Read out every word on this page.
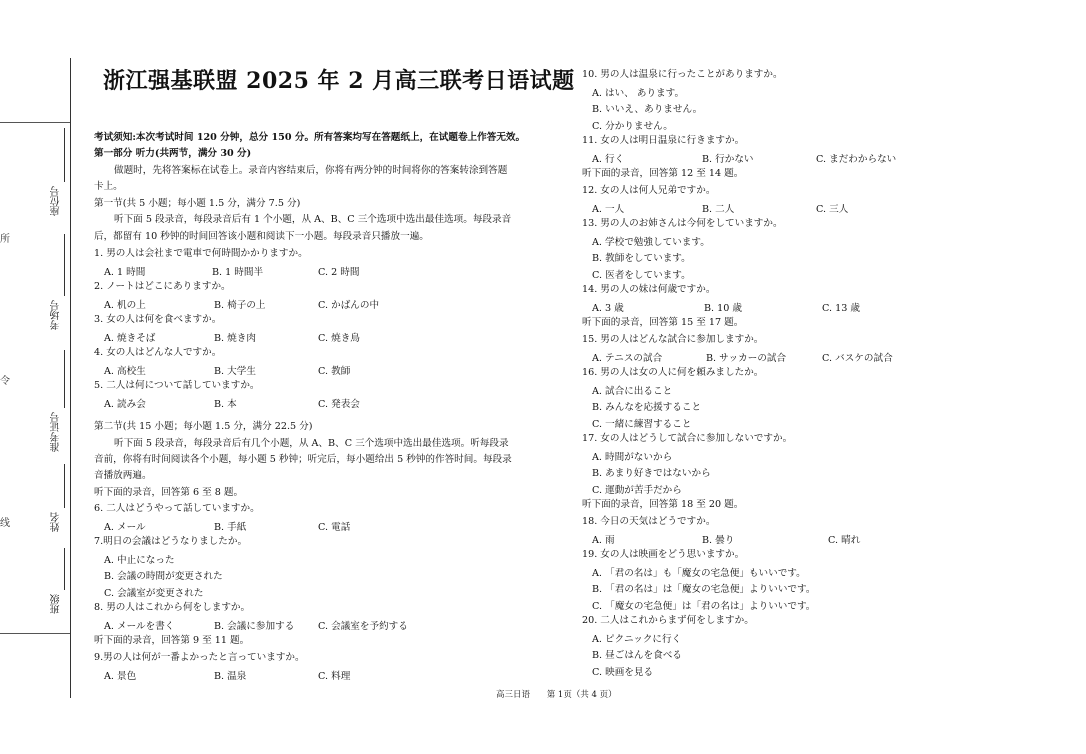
所
令
线
座位号
考场号
准考证号
姓名
班级
浙江强基联盟 2025 年 2 月高三联考日语试题
考试须知:本次考试时间 120 分钟，总分 150 分。所有答案均写在答题纸上，在试题卷上作答无效。
第一部分 听力(共两节，满分 30 分)
做题时，先将答案标在试卷上。录音内容结束后，你将有两分钟的时间将你的答案转涂到答题
卡上。
第一节(共 5 小题；每小题 1.5 分，满分 7.5 分)
听下面 5 段录音，每段录音后有 1 个小题，从 A、B、C 三个选项中选出最佳选项。每段录音
后，都留有 10 秒钟的时间回答该小题和阅读下一小题。每段录音只播放一遍。
1. 男の人は会社まで電車で何時間かかりますか。
A. 1 時間	B. 1 時間半	C. 2 時間
2. ノートはどこにありますか。
A. 机の上	B. 椅子の上	C. かばんの中
3. 女の人は何を食べますか。
A. 焼きそば	B. 焼き肉	C. 焼き鳥
4. 女の人はどんな人ですか。
A. 高校生	B. 大学生	C. 教師
5. 二人は何について話していますか。
A. 読み会	B. 本	C. 発表会
第二节(共 15 小题；每小题 1.5 分，满分 22.5 分)
听下面 5 段录音，每段录音后有几个小题，从 A、B、C 三个选项中选出最佳选项。听每段录
音前，你将有时间阅读各个小题，每小题 5 秒钟；听完后，每小题给出 5 秒钟的作答时间。每段录
音播放两遍。
听下面的录音，回答第 6 至 8 题。
6. 二人はどうやって話していますか。
A. メール	B. 手紙	C. 電話
7.明日の会議はどうなりましたか。
A. 中止になった
B. 会議の時間が変更された
C. 会議室が変更された
8. 男の人はこれから何をしますか。
A. メールを書く	B. 会議に参加する C. 会議室を予約する
听下面的录音，回答第 9 至 11 题。
9.男の人は何が一番よかったと言っていますか。
A. 景色	B. 温泉	C. 料理
10. 男の人は温泉に行ったことがありますか。
A. はい、 あります。
B. いいえ、ありません。
C. 分かりません。
11. 女の人は明日温泉に行きますか。
A. 行く	B. 行かない	C. まだわからない
听下面的录音，回答第 12 至 14 题。
12. 女の人は何人兄弟ですか。
A. 一人	B. 二人	C. 三人
13. 男の人のお姉さんは今何をしていますか。
A. 学校で勉強しています。
B. 教師をしています。
C. 医者をしています。
14. 男の人の妹は何歳ですか。
A. 3 歳	B. 10 歳	C. 13 歳
听下面的录音，回答第 15 至 17 题。
15. 男の人はどんな試合に参加しますか。
A. テニスの試合	B. サッカーの試合	C. バスケの試合
16. 男の人は女の人に何を頼みましたか。
A. 試合に出ること
B. みんなを応援すること
C. 一緒に練習すること
17. 女の人はどうして試合に参加しないですか。
A. 時間がないから
B. あまり好きではないから
C. 運動が苦手だから
听下面的录音，回答第 18 至 20 题。
18. 今日の天気はどうですか。
A. 雨	B. 曇り	C. 晴れ
19. 女の人は映画をどう思いますか。
A. 「君の名は」も「魔女の宅急便」もいいです。
B. 「君の名は」は「魔女の宅急便」よりいいです。
C. 「魔女の宅急便」は「君の名は」よりいいです。
20. 二人はこれからまず何をしますか。
A. ピクニックに行く
B. 昼ごはんを食べる
C. 映画を見る
高三日语 第 1页（共 4 页）
